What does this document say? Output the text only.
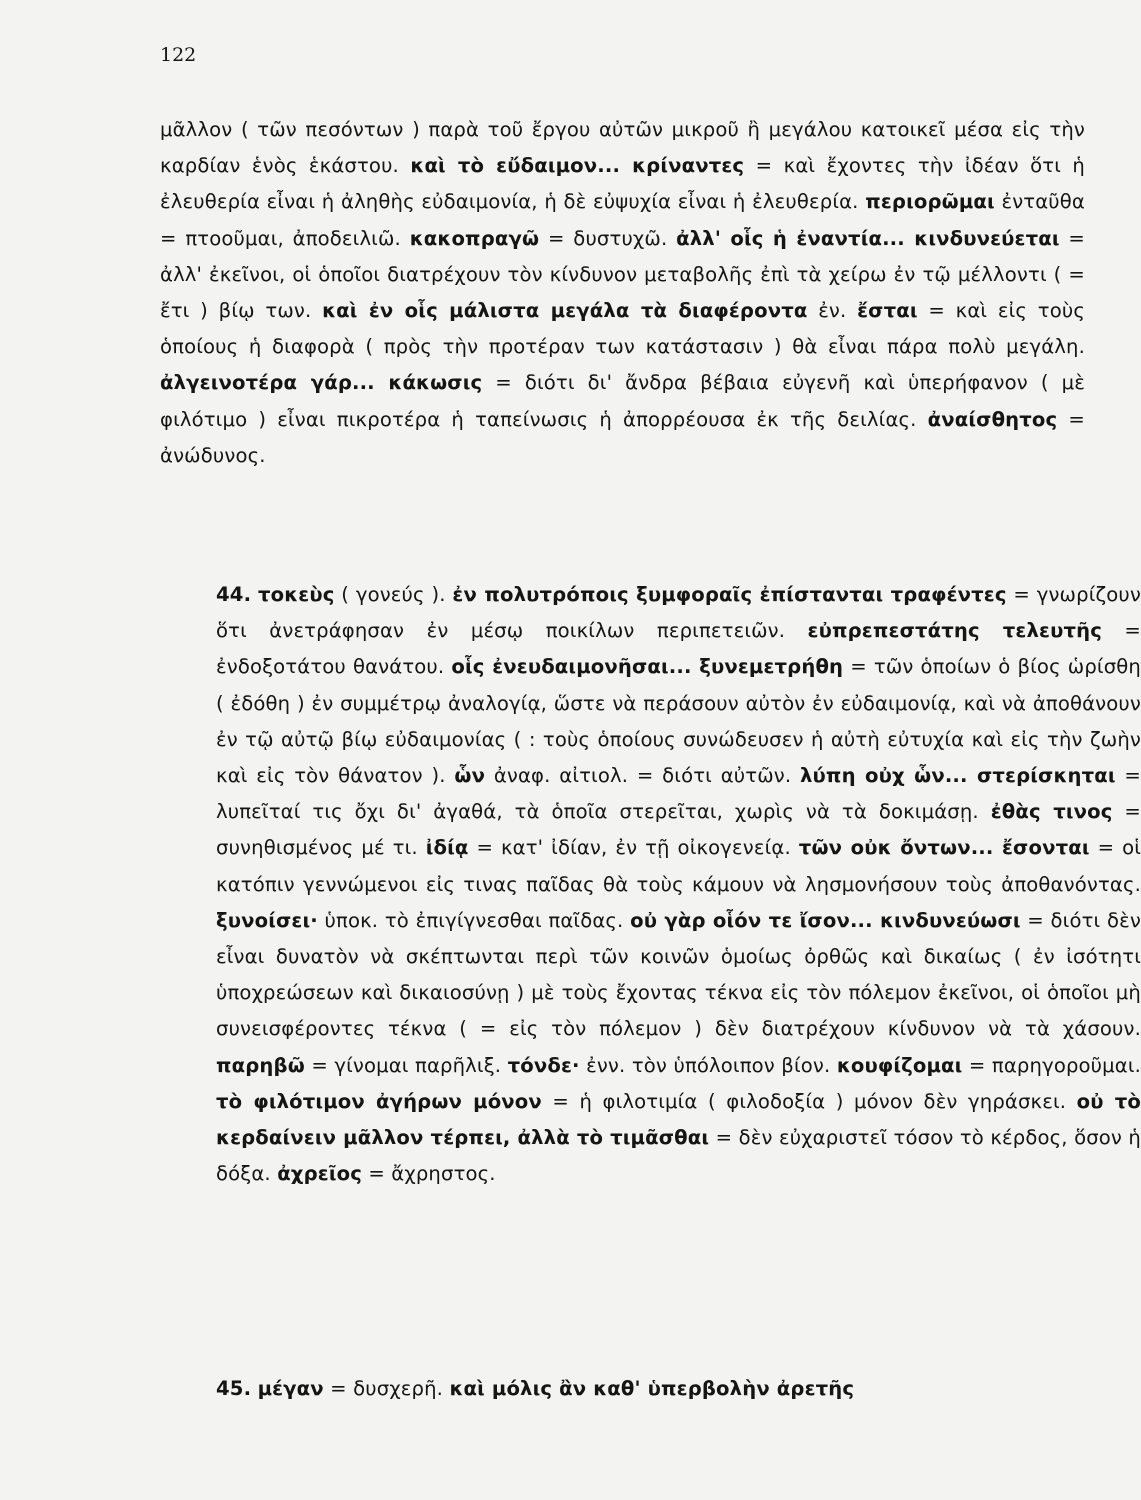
122
μᾶλλον ( τῶν πεσόντων ) παρὰ τοῦ ἔργου αὐτῶν μικροῦ ἢ μεγάλου κατοικεῖ μέσα εἰς τὴν καρδίαν ἑνὸς ἑκάστου. καὶ τὸ εὔδαιμον... κρίναντες = καὶ ἔχοντες τὴν ἰδέαν ὅτι ἡ ἐλευθερία εἶναι ἡ ἀληθὴς εὐδαιμονία, ἡ δὲ εὐψυχία εἶναι ἡ ἐλευθερία. περιορῶμαι ἐνταῦθα = πτοοῦμαι, ἀποδειλιῶ. κακοπραγῶ = δυστυχῶ. ἀλλ' οἷς ἡ ἐναντία... κινδυνεύεται = ἀλλ' ἐκεῖνοι, οἱ ὁποῖοι διατρέχουν τὸν κίνδυνον μεταβολῆς ἐπὶ τὰ χείρω ἐν τῷ μέλλοντι ( = ἔτι ) βίῳ των. καὶ ἐν οἷς μάλιστα μεγάλα τὰ διαφέροντα ἐν. ἔσται = καὶ εἰς τοὺς ὁποίους ἡ διαφορὰ ( πρὸς τὴν προτέραν των κατάστασιν ) θὰ εἶναι πάρα πολὺ μεγάλη. ἀλγεινοτέρα γάρ... κάκωσις = διότι δι' ἄνδρα βέβαια εὐγενῆ καὶ ὑπερήφανον ( μὲ φιλότιμο ) εἶναι πικροτέρα ἡ ταπείνωσις ἡ ἀπορρέουσα ἐκ τῆς δειλίας. ἀναίσθητος = ἀνώδυνος.
44. τοκεὺς ( γονεύς ). ἐν πολυτρόποις ξυμφοραῖς ἐπίστανται τραφέντες = γνωρίζουν ὅτι ἀνετράφησαν ἐν μέσῳ ποικίλων περιπετειῶν. εὐπρεπεστάτης τελευτῆς = ἐνδοξοτάτου θανάτου. οἷς ἐνευδαιμονῆσαι... ξυνεμετρήθη = τῶν ὁποίων ὁ βίος ὡρίσθη ( ἐδόθη ) ἐν συμμέτρῳ ἀναλογίᾳ, ὥστε νὰ περάσουν αὐτὸν ἐν εὐδαιμονίᾳ, καὶ νὰ ἀποθάνουν ἐν τῷ αὐτῷ βίῳ εὐδαιμονίας ( : τοὺς ὁποίους συνώδευσεν ἡ αὐτὴ εὐτυχία καὶ εἰς τὴν ζωὴν καὶ εἰς τὸν θάνατον ). ὧν ἀναφ. αἰτιολ. = διότι αὐτῶν. λύπη οὐχ ὧν... στερίσκηται = λυπεῖταί τις ὄχι δι' ἀγαθά, τὰ ὁποῖα στερεῖται, χωρὶς νὰ τὰ δοκιμάσῃ. ἐθὰς τινος = συνηθισμένος μέ τι. ἰδίᾳ = κατ' ἰδίαν, ἐν τῇ οἰκογενείᾳ. τῶν οὐκ ὄντων... ἔσονται = οἱ κατόπιν γεννώμενοι εἰς τινας παῖδας θὰ τοὺς κάμουν νὰ λησμονήσουν τοὺς ἀποθανόντας. ξυνοίσει· ὑποκ. τὸ ἐπιγίγνεσθαι παῖδας. οὐ γὰρ οἷόν τε ἴσον... κινδυνεύωσι = διότι δὲν εἶναι δυνατὸν νὰ σκέπτωνται περὶ τῶν κοινῶν ὁμοίως ὀρθῶς καὶ δικαίως ( ἐν ἰσότητι ὑποχρεώσεων καὶ δικαιοσύνῃ ) μὲ τοὺς ἔχοντας τέκνα εἰς τὸν πόλεμον ἐκεῖνοι, οἱ ὁποῖοι μὴ συνεισφέροντες τέκνα ( = εἰς τὸν πόλεμον ) δὲν διατρέχουν κίνδυνον νὰ τὰ χάσουν. παρηβῶ = γίνομαι παρῆλιξ. τόνδε· ἐνν. τὸν ὑπόλοιπον βίον. κουφίζομαι = παρηγοροῦμαι. τὸ φιλότιμον ἀγήρων μόνον = ἡ φιλοτιμία ( φιλοδοξία ) μόνον δὲν γηράσκει. οὐ τὸ κερδαίνειν μᾶλλον τέρπει, ἀλλὰ τὸ τιμᾶσθαι = δὲν εὐχαριστεῖ τόσον τὸ κέρδος, ὅσον ἡ δόξα. ἀχρεῖος = ἄχρηστος.
45. μέγαν = δυσχερῆ. καὶ μόλις ἂν καθ' ὑπερβολὴν ἀρετῆς
